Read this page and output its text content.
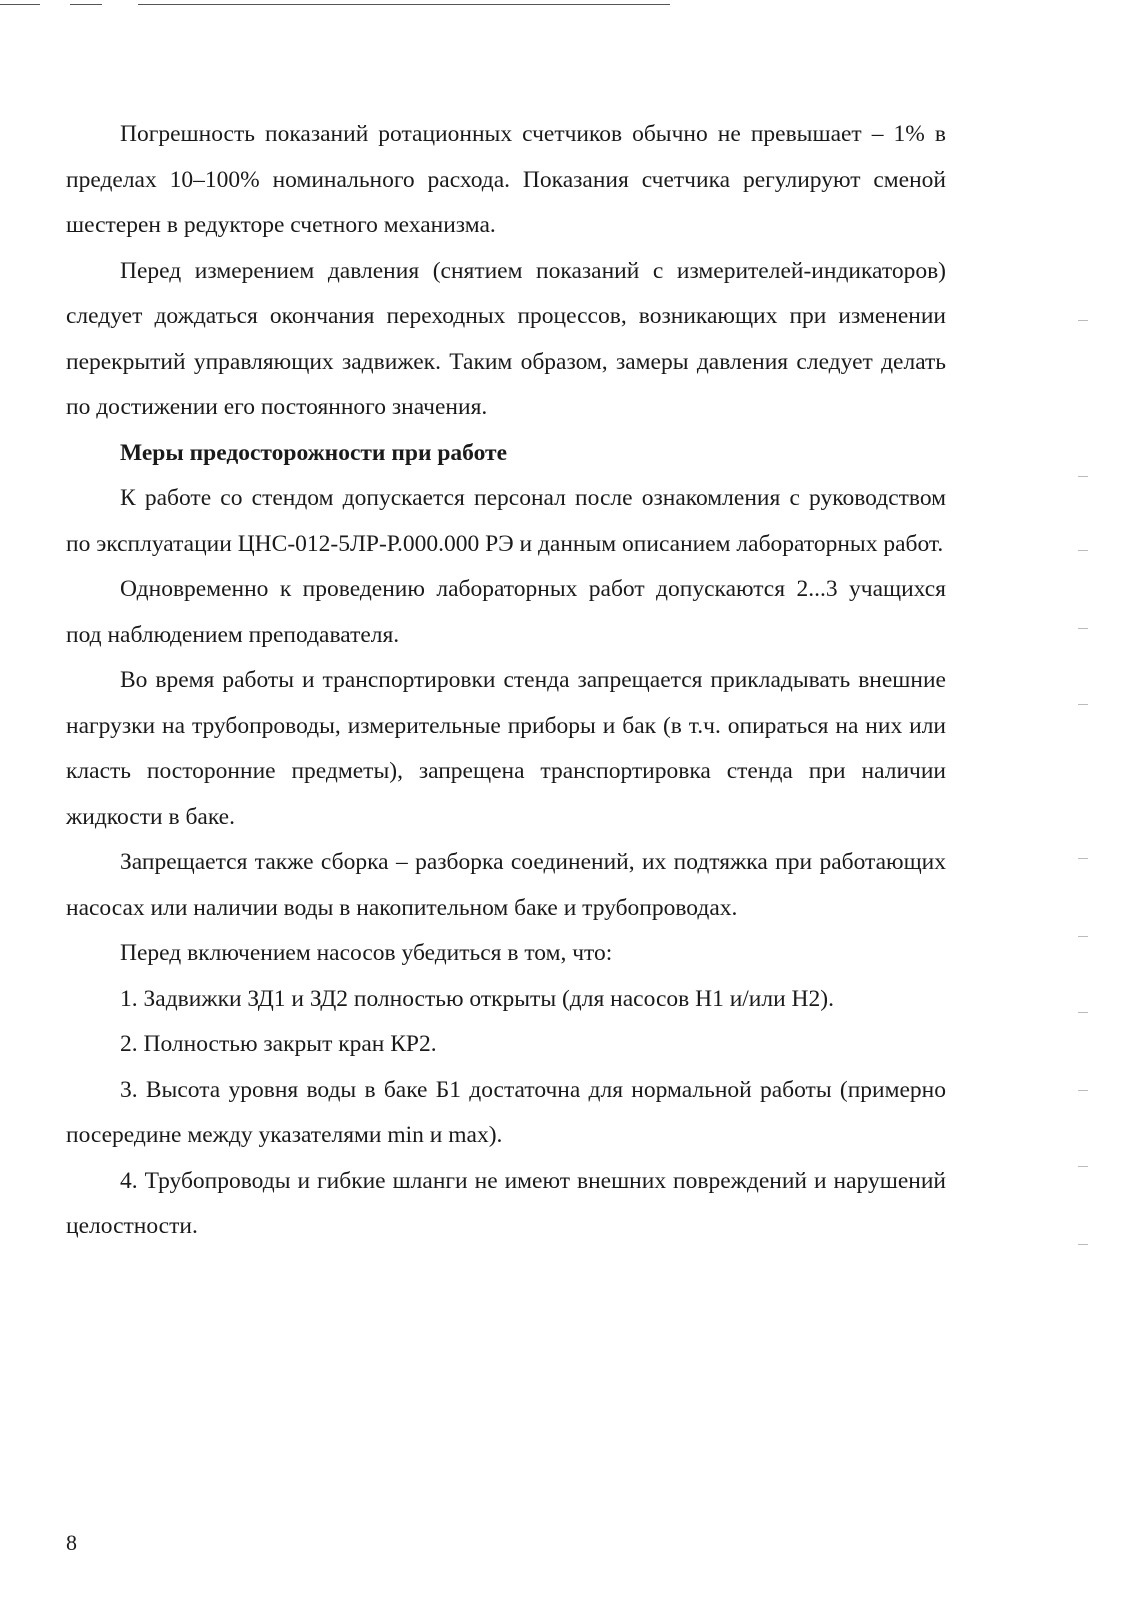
Погрешность показаний ротационных счетчиков обычно не превышает – 1% в пределах 10–100% номинального расхода. Показания счетчика регулируют сменой шестерен в редукторе счетного механизма.

Перед измерением давления (снятием показаний с измерителей-индикаторов) следует дождаться окончания переходных процессов, возникающих при изменении перекрытий управляющих задвижек. Таким образом, замеры давления следует делать по достижении его постоянного значения.

Меры предосторожности при работе

К работе со стендом допускается персонал после ознакомления с руководством по эксплуатации ЦНС-012-5ЛР-Р.000.000 РЭ и данным описанием лабораторных работ.

Одновременно к проведению лабораторных работ допускаются 2...3 учащихся под наблюдением преподавателя.

Во время работы и транспортировки стенда запрещается прикладывать внешние нагрузки на трубопроводы, измерительные приборы и бак (в т.ч. опираться на них или класть посторонние предметы), запрещена транспортировка стенда при наличии жидкости в баке.

Запрещается также сборка – разборка соединений, их подтяжка при работающих насосах или наличии воды в накопительном баке и трубопроводах.

Перед включением насосов убедиться в том, что:

1. Задвижки ЗД1 и ЗД2 полностью открыты (для насосов Н1 и/или Н2).

2. Полностью закрыт кран КР2.

3. Высота уровня воды в баке Б1 достаточна для нормальной работы (примерно посередине между указателями min и max).

4. Трубопроводы и гибкие шланги не имеют внешних повреждений и нарушений целостности.

8
